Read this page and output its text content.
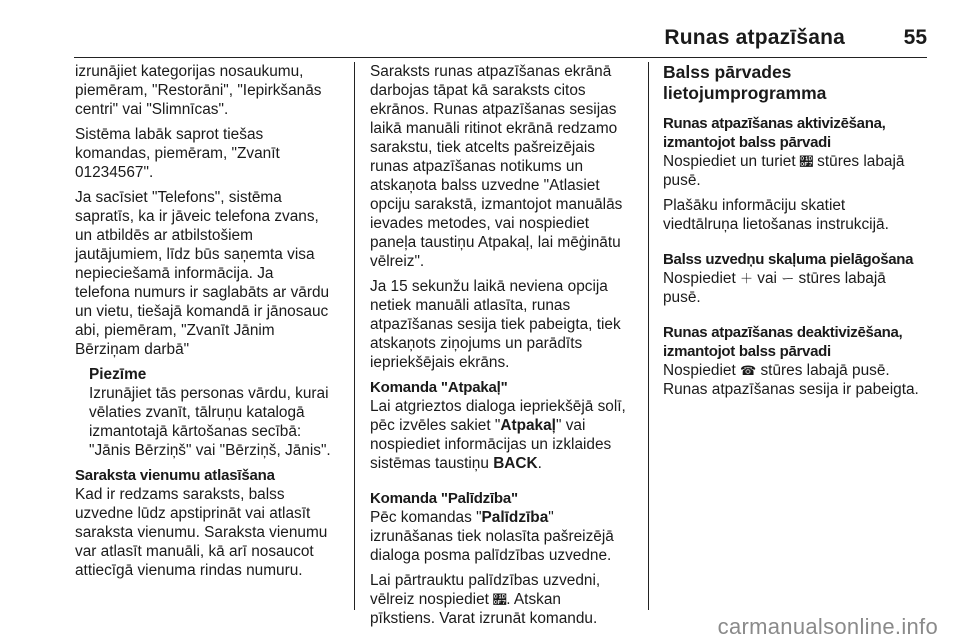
Runas atpazīšana	55

izrunājiet kategorijas nosaukumu,
piemēram, "Restorāni", "Iepirkšanās
centri" vai "Slimnīcas".

Sistēma labāk saprot tiešas
komandas, piemēram, "Zvanīt
01234567".

Ja sacīsiet "Telefons", sistēma
sapratīs, ka ir jāveic telefona zvans,
un atbildēs ar atbilstošiem
jautājumiem, līdz būs saņemta visa
nepieciešamā informācija. Ja
telefona numurs ir saglabāts ar vārdu
un vietu, tiešajā komandā ir jānosauc
abi, piemēram, "Zvanīt Jānim
Bērziņam darbā"

Piezīme

Izrunājiet tās personas vārdu, kurai
vēlaties zvanīt, tālruņu katalogā
izmantotajā kārtošanas secībā:
"Jānis Bērziņš" vai "Bērziņš, Jānis".

Saraksta vienumu atlasīšana

Kad ir redzams saraksts, balss
uzvedne lūdz apstiprināt vai atlasīt
saraksta vienumu. Saraksta vienumu
var atlasīt manuāli, kā arī nosaucot
attiecīgā vienuma rindas numuru.

Saraksts runas atpazīšanas ekrānā
darbojas tāpat kā saraksts citos
ekrānos. Runas atpazīšanas sesijas
laikā manuāli ritinot ekrānā redzamo
sarakstu, tiek atcelts pašreizējais
runas atpazīšanas notikums un
atskaņota balss uzvedne "Atlasiet
opciju sarakstā, izmantojot manuālās
ievades metodes, vai nospiediet
paneļa taustiņu Atpakaļ, lai mēģinātu
vēlreiz".

Ja 15 sekunžu laikā neviena opcija
netiek manuāli atlasīta, runas
atpazīšanas sesija tiek pabeigta, tiek
atskaņots ziņojums un parādīts
iepriekšējais ekrāns.

Komanda "Atpakaļ"

Lai atgrieztos dialoga iepriekšējā solī,
pēc izvēles sakiet "Atpakaļ" vai
nospiediet informācijas un izklaides
sistēmas taustiņu BACK.

Komanda "Palīdzība"

Pēc komandas "Palīdzība"
izrunāšanas tiek nolasīta pašreizējā
dialoga posma palīdzības uzvedne.

Lai pārtrauktu palīdzības uzvedni,
vēlreiz nospiediet 𝃷. Atskan
pīkstiens. Varat izrunāt komandu.

Balss pārvades
lietojumprogramma
Runas atpazīšanas aktivizēšana,
izmantojot balss pārvadi

Nospiediet un turiet 𝃷 stūres labajā
pusē.

Plašāku informāciju skatiet
viedtālruņa lietošanas instrukcijā.

Balss uzvedņu skaļuma pielāgošana

Nospiediet ＋ vai ー stūres labajā
pusē.

Runas atpazīšanas deaktivizēšana,
izmantojot balss pārvadi

Nospiediet ☎ stūres labajā pusē.
Runas atpazīšanas sesija ir pabeigta.

carmanualsonline.info
